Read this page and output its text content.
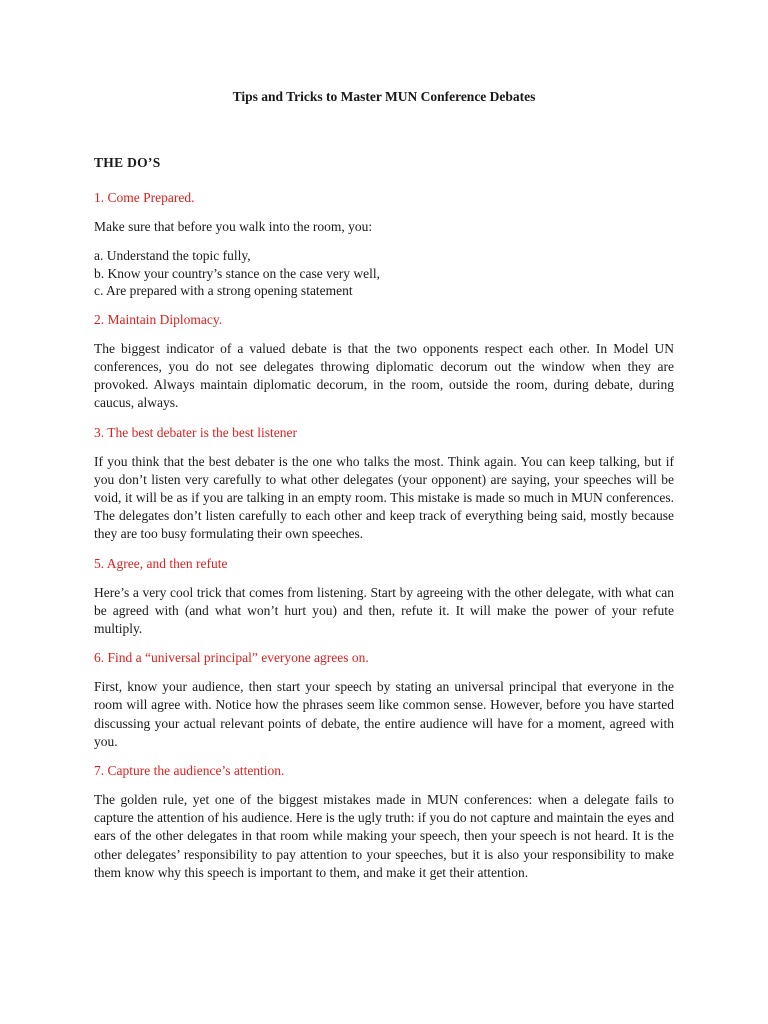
Tips and Tricks to Master MUN Conference Debates
THE DO’S

1. Come Prepared.

Make sure that before you walk into the room, you:

a. Understand the topic fully,
b. Know your country’s stance on the case very well,
c. Are prepared with a strong opening statement

2. Maintain Diplomacy.

The biggest indicator of a valued debate is that the two opponents respect each other. In Model UN conferences, you do not see delegates throwing diplomatic decorum out the window when they are provoked. Always maintain diplomatic decorum, in the room, outside the room, during debate, during caucus, always.

3. The best debater is the best listener

If you think that the best debater is the one who talks the most. Think again. You can keep talking, but if you don’t listen very carefully to what other delegates (your opponent) are saying, your speeches will be void, it will be as if you are talking in an empty room. This mistake is made so much in MUN conferences. The delegates don’t listen carefully to each other and keep track of everything being said, mostly because they are too busy formulating their own speeches.

5. Agree, and then refute

Here’s a very cool trick that comes from listening. Start by agreeing with the other delegate, with what can be agreed with (and what won’t hurt you) and then, refute it. It will make the power of your refute multiply.

6. Find a “universal principal” everyone agrees on.

First, know your audience, then start your speech by stating an universal principal that everyone in the room will agree with. Notice how the phrases seem like common sense. However, before you have started discussing your actual relevant points of debate, the entire audience will have for a moment, agreed with you.

7. Capture the audience’s attention.

The golden rule, yet one of the biggest mistakes made in MUN conferences: when a delegate fails to capture the attention of his audience. Here is the ugly truth: if you do not capture and maintain the eyes and ears of the other delegates in that room while making your speech, then your speech is not heard. It is the other delegates’ responsibility to pay attention to your speeches, but it is also your responsibility to make them know why this speech is important to them, and make it get their attention.
